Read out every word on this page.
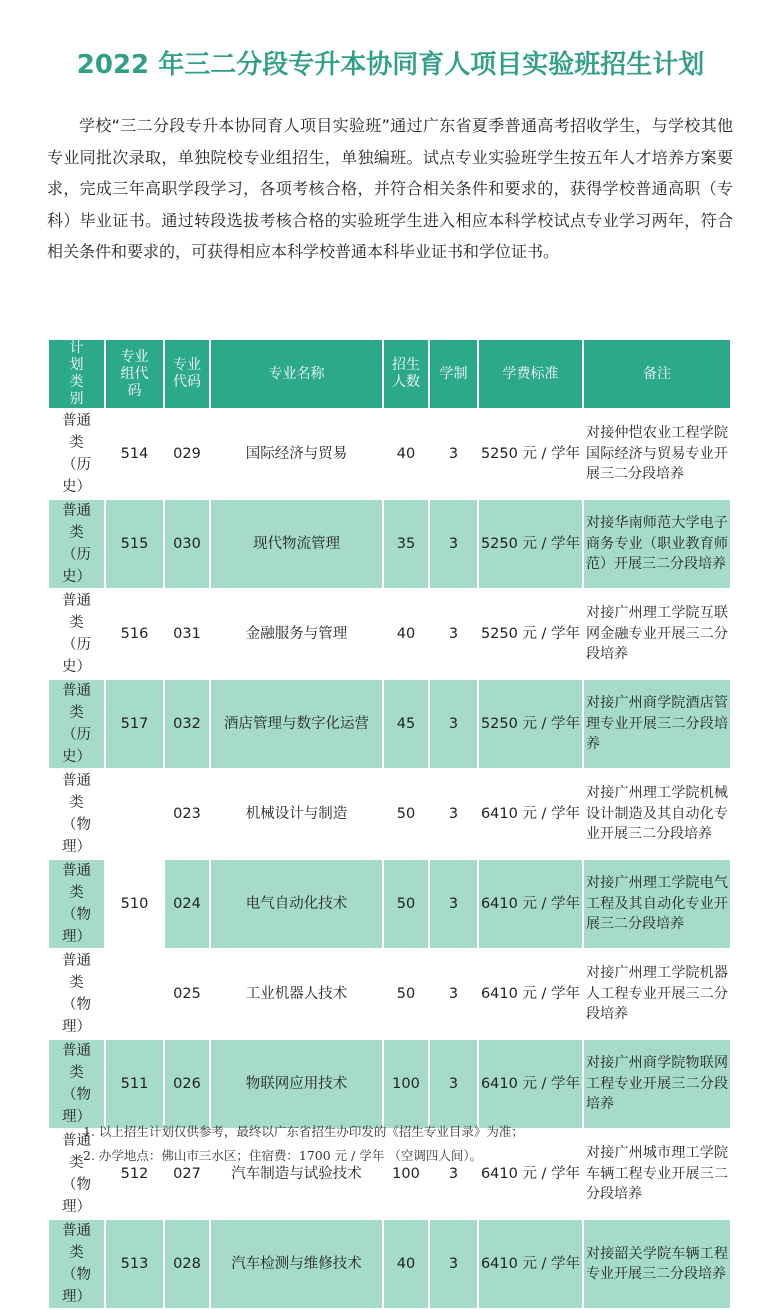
2022 年三二分段专升本协同育人项目实验班招生计划

学校“三二分段专升本协同育人项目实验班”通过广东省夏季普通高考招收学生，与学校其他专业同批次录取，单独院校专业组招生，单独编班。试点专业实验班学生按五年人才培养方案要求，完成三年高职学段学习，各项考核合格，并符合相关条件和要求的，获得学校普通高职（专科）毕业证书。通过转段选拔考核合格的实验班学生进入相应本科学校试点专业学习两年，符合相关条件和要求的，可获得相应本科学校普通本科毕业证书和学位证书。

计划类别	专业组代码	专业代码	专业名称	招生人数	学制	学费标准	备注
普通类（历史）	514	029	国际经济与贸易	40	3	5250 元 / 学年	对接仲恺农业工程学院国际经济与贸易专业开展三二分段培养
普通类（历史）	515	030	现代物流管理	35	3	5250 元 / 学年	对接华南师范大学电子商务专业（职业教育师范）开展三二分段培养
普通类（历史）	516	031	金融服务与管理	40	3	5250 元 / 学年	对接广州理工学院互联网金融专业开展三二分段培养
普通类（历史）	517	032	酒店管理与数字化运营	45	3	5250 元 / 学年	对接广州商学院酒店管理专业开展三二分段培养
普通类（物理）	510	023	机械设计与制造	50	3	6410 元 / 学年	对接广州理工学院机械设计制造及其自动化专业开展三二分段培养
普通类（物理）		024	电气自动化技术	50	3	6410 元 / 学年	对接广州理工学院电气工程及其自动化专业开展三二分段培养
普通类（物理）		025	工业机器人技术	50	3	6410 元 / 学年	对接广州理工学院机器人工程专业开展三二分段培养
普通类（物理）	511	026	物联网应用技术	100	3	6410 元 / 学年	对接广州商学院物联网工程专业开展三二分段培养
普通类（物理）	512	027	汽车制造与试验技术	100	3	6410 元 / 学年	对接广州城市理工学院车辆工程专业开展三二分段培养
普通类（物理）	513	028	汽车检测与维修技术	40	3	6410 元 / 学年	对接韶关学院车辆工程专业开展三二分段培养
1. 以上招生计划仅供参考，最终以广东省招生办印发的《招生专业目录》为准；
2. 办学地点：佛山市三水区；住宿费：1700 元 / 学年 （空调四人间）。
